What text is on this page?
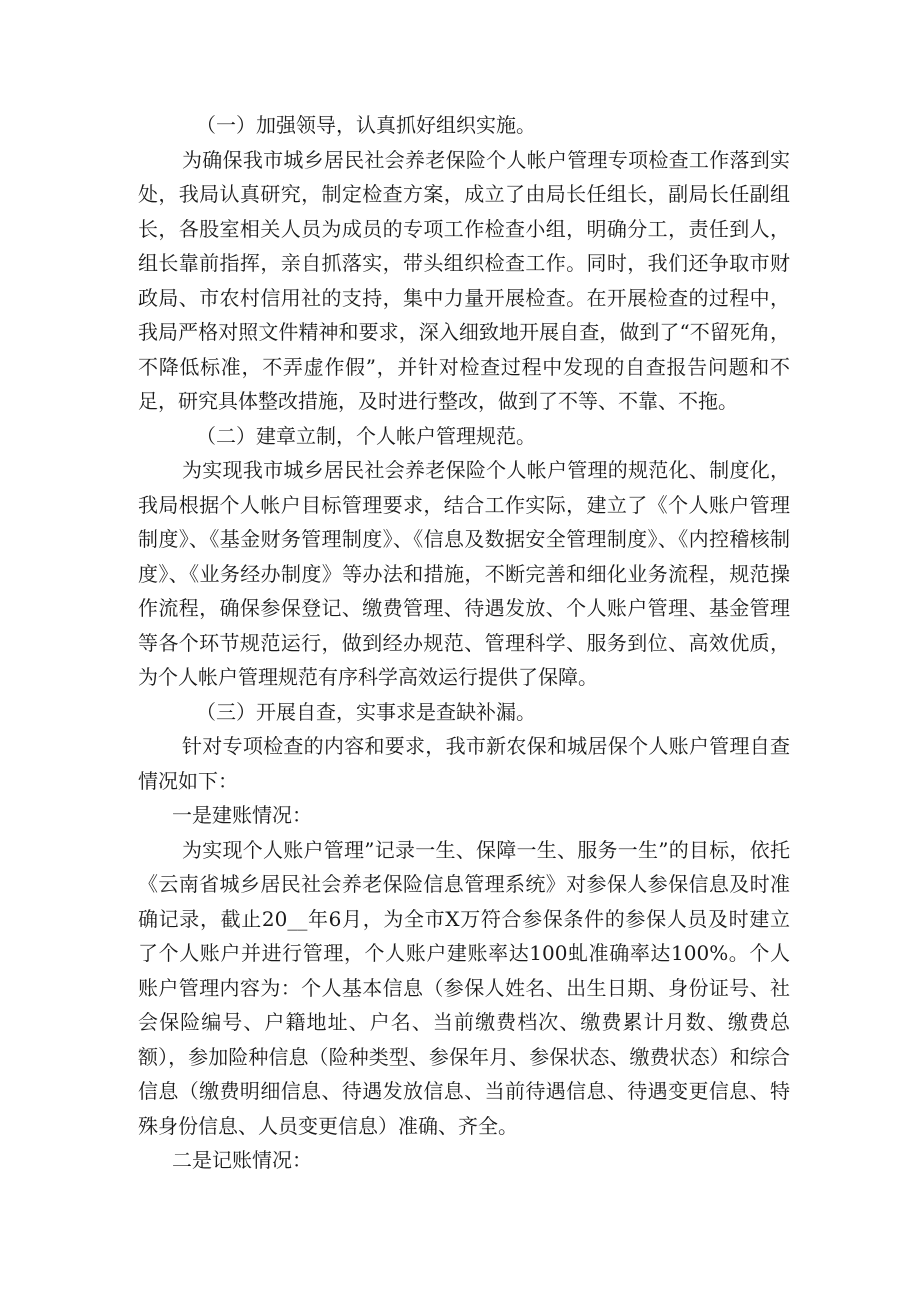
（一）加强领导，认真抓好组织实施。

为确保我市城乡居民社会养老保险个人帐户管理专项检查工作落到实处，我局认真研究，制定检查方案，成立了由局长任组长，副局长任副组长，各股室相关人员为成员的专项工作检查小组，明确分工，责任到人，组长靠前指挥，亲自抓落实，带头组织检查工作。同时，我们还争取市财政局、市农村信用社的支持，集中力量开展检查。在开展检查的过程中，我局严格对照文件精神和要求，深入细致地开展自查，做到了“不留死角，不降低标准，不弄虚作假”，并针对检查过程中发现的自查报告问题和不足，研究具体整改措施，及时进行整改，做到了不等、不靠、不拖。

（二）建章立制，个人帐户管理规范。

为实现我市城乡居民社会养老保险个人帐户管理的规范化、制度化，我局根据个人帐户目标管理要求，结合工作实际，建立了《个人账户管理制度》、《基金财务管理制度》、《信息及数据安全管理制度》、《内控稽核制度》、《业务经办制度》等办法和措施，不断完善和细化业务流程，规范操作流程，确保参保登记、缴费管理、待遇发放、个人账户管理、基金管理等各个环节规范运行，做到经办规范、管理科学、服务到位、高效优质，为个人帐户管理规范有序科学高效运行提供了保障。

（三）开展自查，实事求是查缺补漏。

针对专项检查的内容和要求，我市新农保和城居保个人账户管理自查情况如下：

一是建账情况：

为实现个人账户管理”记录一生、保障一生、服务一生”的目标，依托《云南省城乡居民社会养老保险信息管理系统》对参保人参保信息及时准确记录，截止20__年6月，为全市X万符合参保条件的参保人员及时建立了个人账户并进行管理，个人账户建账率达100虬准确率达100%。个人账户管理内容为：个人基本信息（参保人姓名、出生日期、身份证号、社会保险编号、户籍地址、户名、当前缴费档次、缴费累计月数、缴费总额），参加险种信息（险种类型、参保年月、参保状态、缴费状态）和综合信息（缴费明细信息、待遇发放信息、当前待遇信息、待遇变更信息、特殊身份信息、人员变更信息）准确、齐全。

二是记账情况：
